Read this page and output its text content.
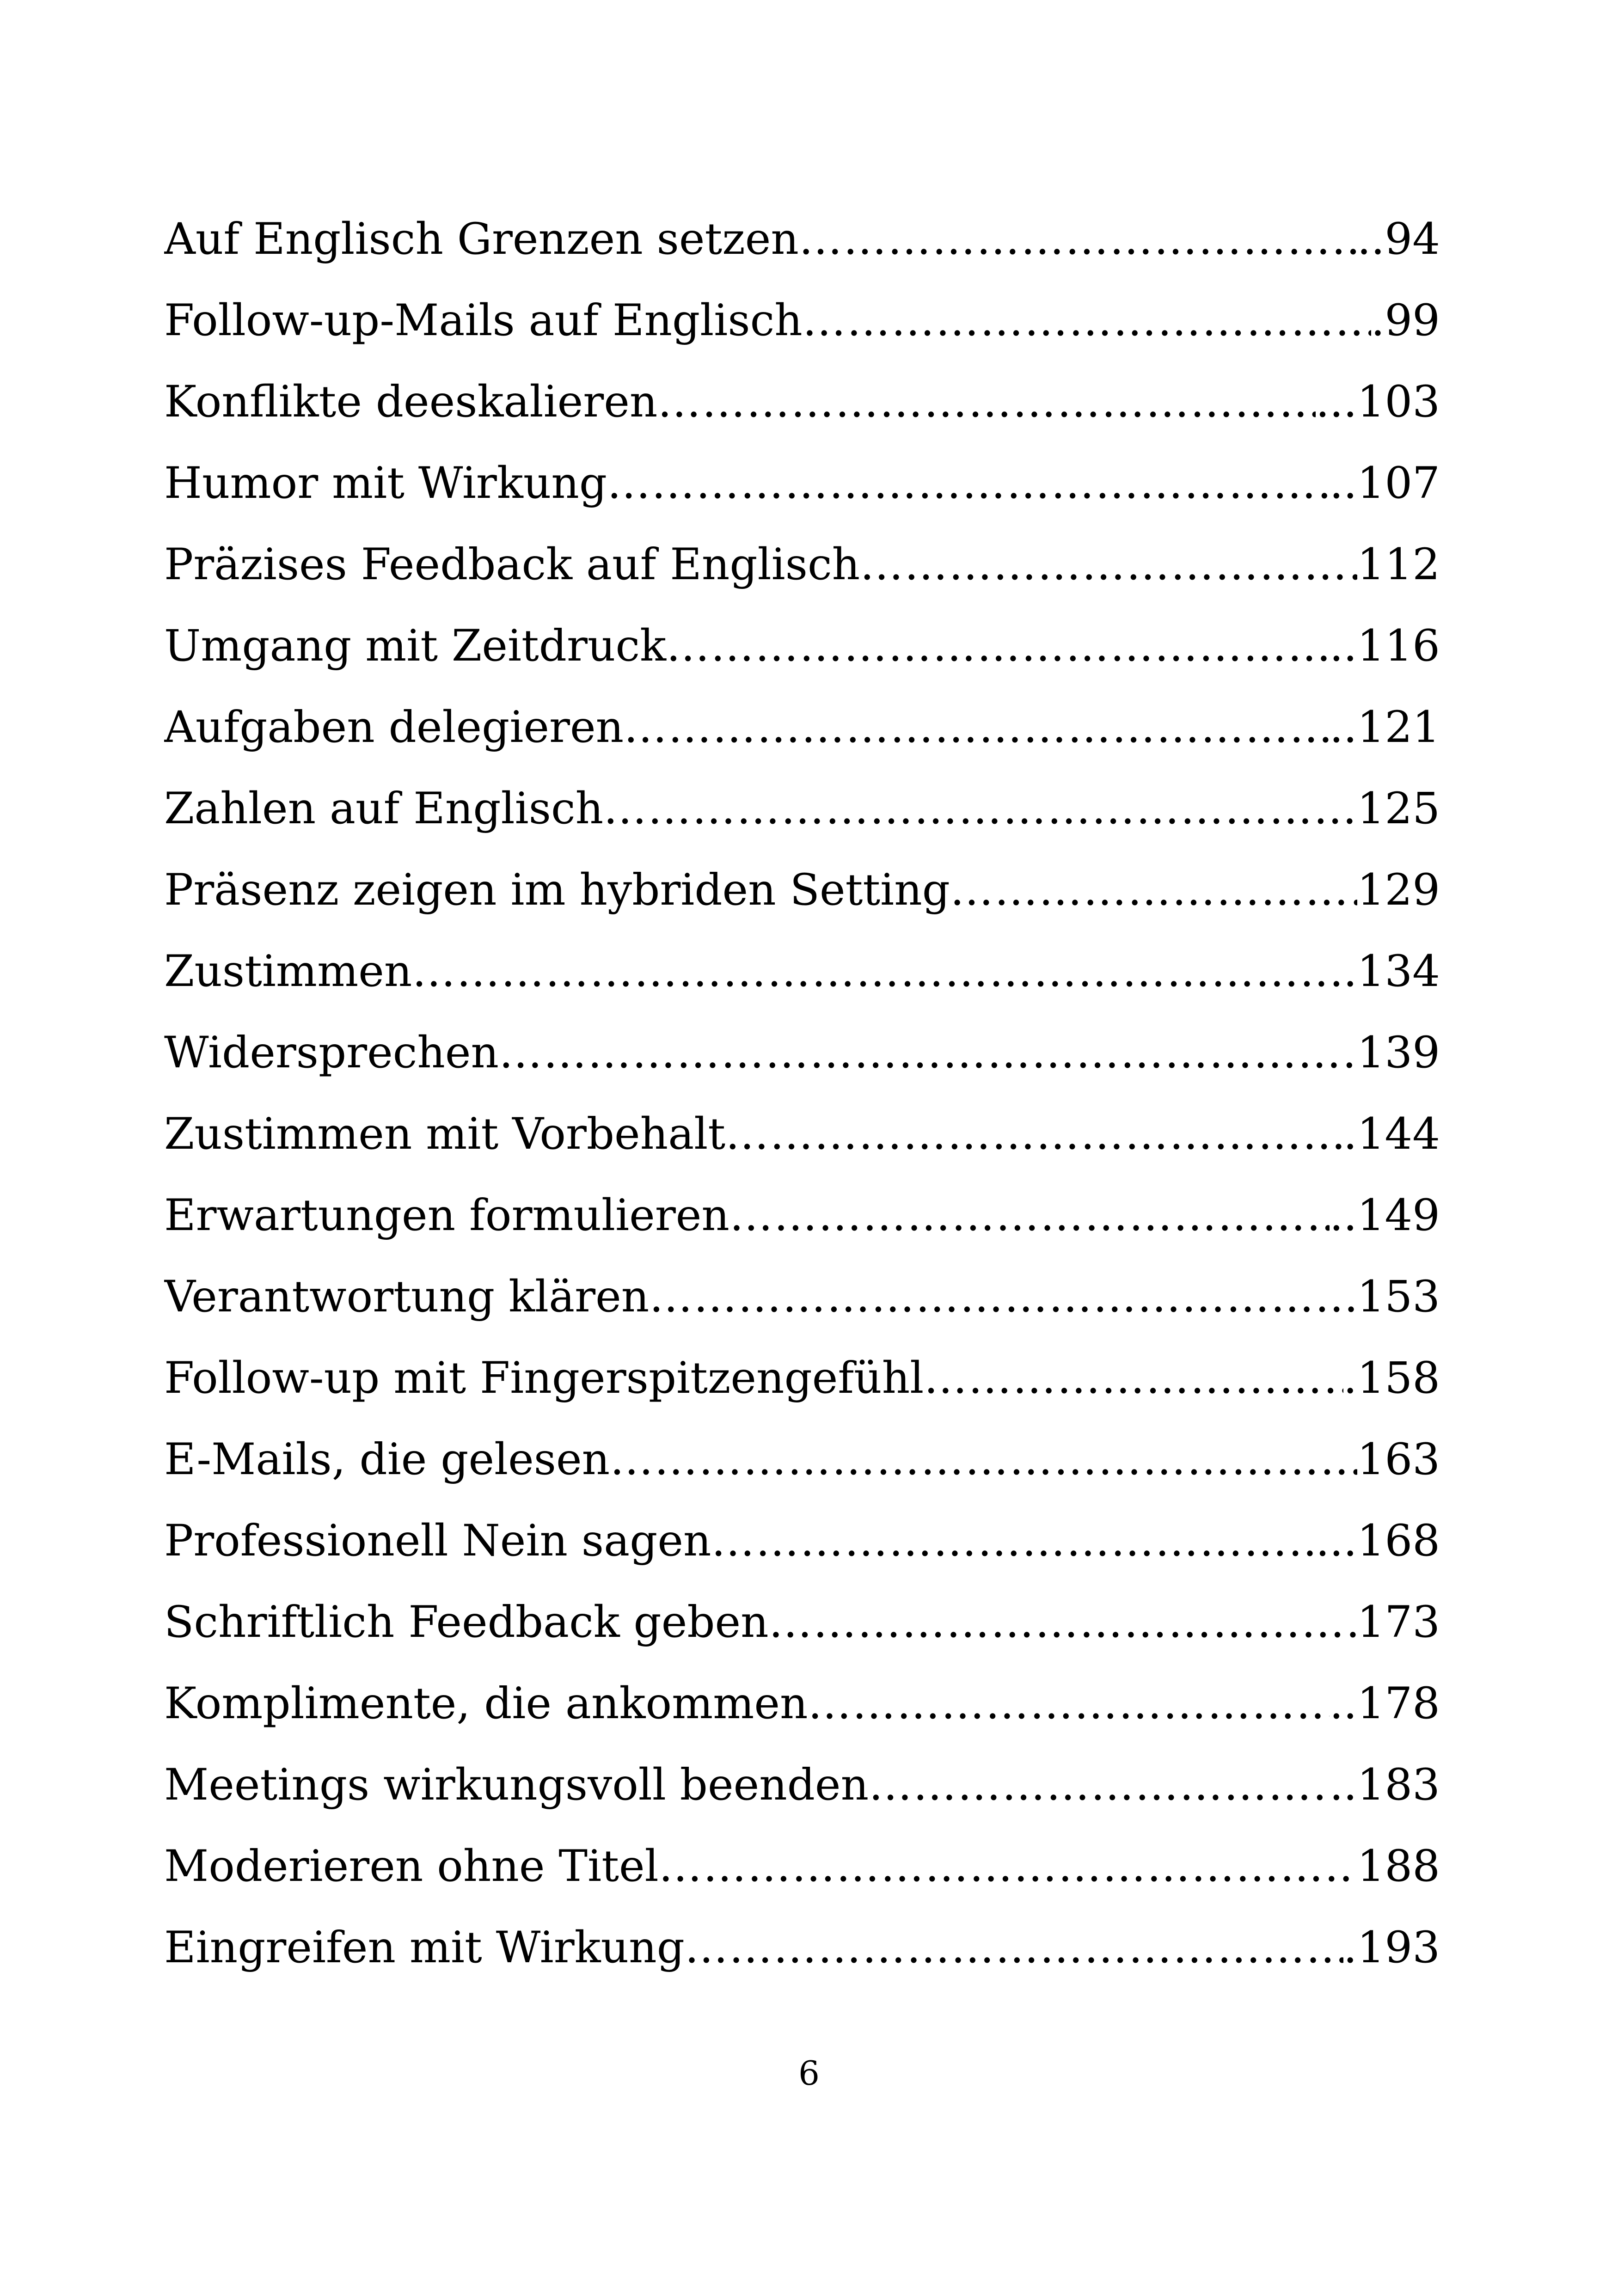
Auf Englisch Grenzen setzen ………………………………………………………………………………………………………………………………………………	..94
Follow-up-Mails auf Englisch ………………………………………………………………………………………………………………………………………………	.99
Konflikte deeskalieren ………………………………………………………………………………………………………………………………………………	...103
Humor mit Wirkung ………………………………………………………………………………………………………………………………………………	..107
Präzises Feedback auf Englisch ………………………………………………………………………………………………………………………………………………	112
Umgang mit Zeitdruck ………………………………………………………………………………………………………………………………………………	..116
Aufgaben delegieren ………………………………………………………………………………………………………………………………………………	..121
Zahlen auf Englisch ………………………………………………………………………………………………………………………………………………	125
Präsenz zeigen im hybriden Setting ………………………………………………………………………………………………………………………………………………	129
Zustimmen ………………………………………………………………………………………………………………………………………………	..134
Widersprechen ………………………………………………………………………………………………………………………………………………	139
Zustimmen mit Vorbehalt ………………………………………………………………………………………………………………………………………………	.144
Erwartungen formulieren ………………………………………………………………………………………………………………………………………………	..149
Verantwortung klären ………………………………………………………………………………………………………………………………………………	153
Follow-up mit Fingerspitzengefühl ………………………………………………………………………………………………………………………………………………	.158
E-Mails, die gelesen ………………………………………………………………………………………………………………………………………………	163
Professionell Nein sagen ………………………………………………………………………………………………………………………………………………	...168
Schriftlich Feedback geben ………………………………………………………………………………………………………………………………………………	173
Komplimente, die ankommen ………………………………………………………………………………………………………………………………………………	..178
Meetings wirkungsvoll beenden ………………………………………………………………………………………………………………………………………………	..183
Moderieren ohne Titel ………………………………………………………………………………………………………………………………………………	188
Eingreifen mit Wirkung ………………………………………………………………………………………………………………………………………………	.193
6
